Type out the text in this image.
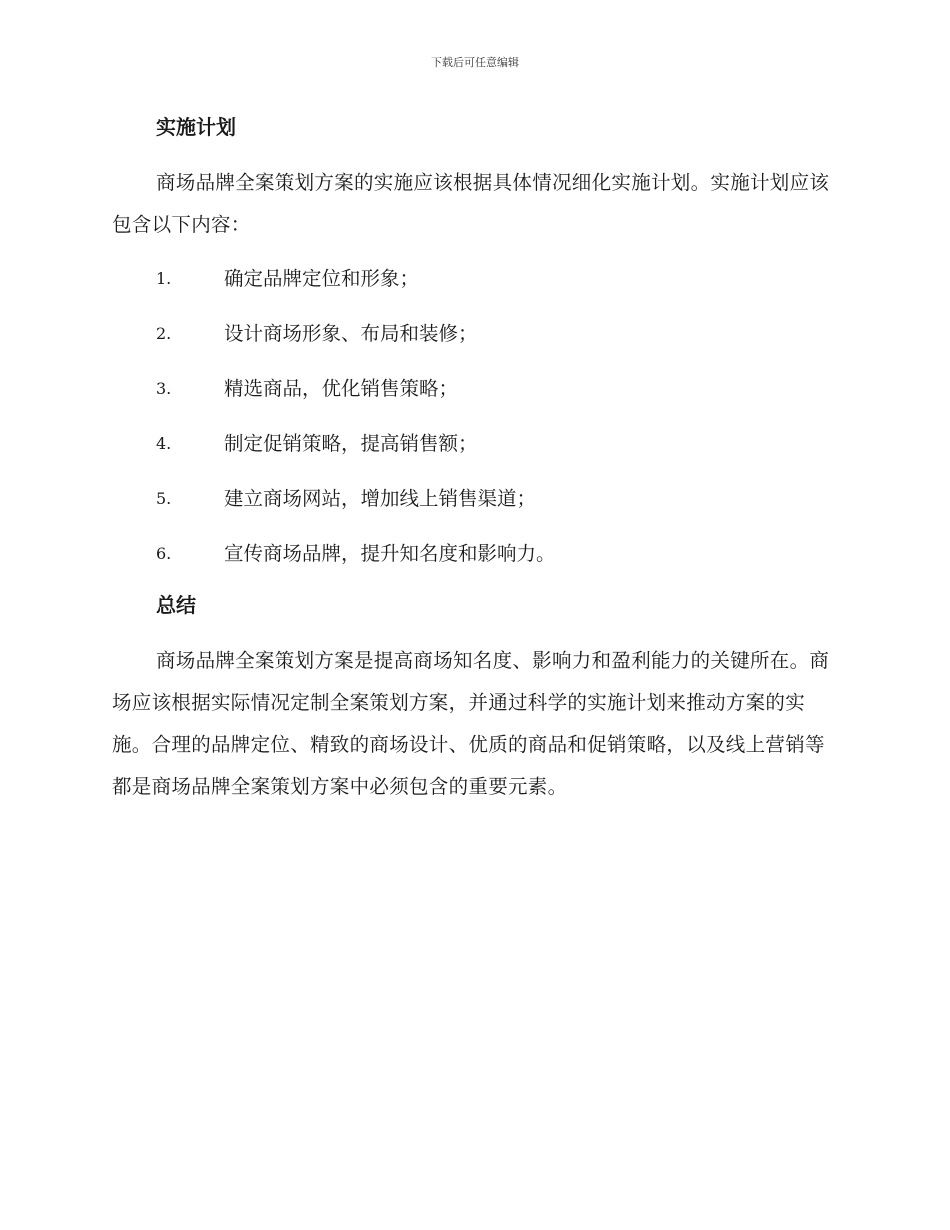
下载后可任意编辑
实施计划

商场品牌全案策划方案的实施应该根据具体情况细化实施计划。实施计划应该包含以下内容：

1.	确定品牌定位和形象；
2.	设计商场形象、布局和装修；
3.	精选商品，优化销售策略；
4.	制定促销策略，提高销售额；
5.	建立商场网站，增加线上销售渠道；
6.	宣传商场品牌，提升知名度和影响力。
总结

商场品牌全案策划方案是提高商场知名度、影响力和盈利能力的关键所在。商场应该根据实际情况定制全案策划方案，并通过科学的实施计划来推动方案的实施。合理的品牌定位、精致的商场设计、优质的商品和促销策略，以及线上营销等都是商场品牌全案策划方案中必须包含的重要元素。
